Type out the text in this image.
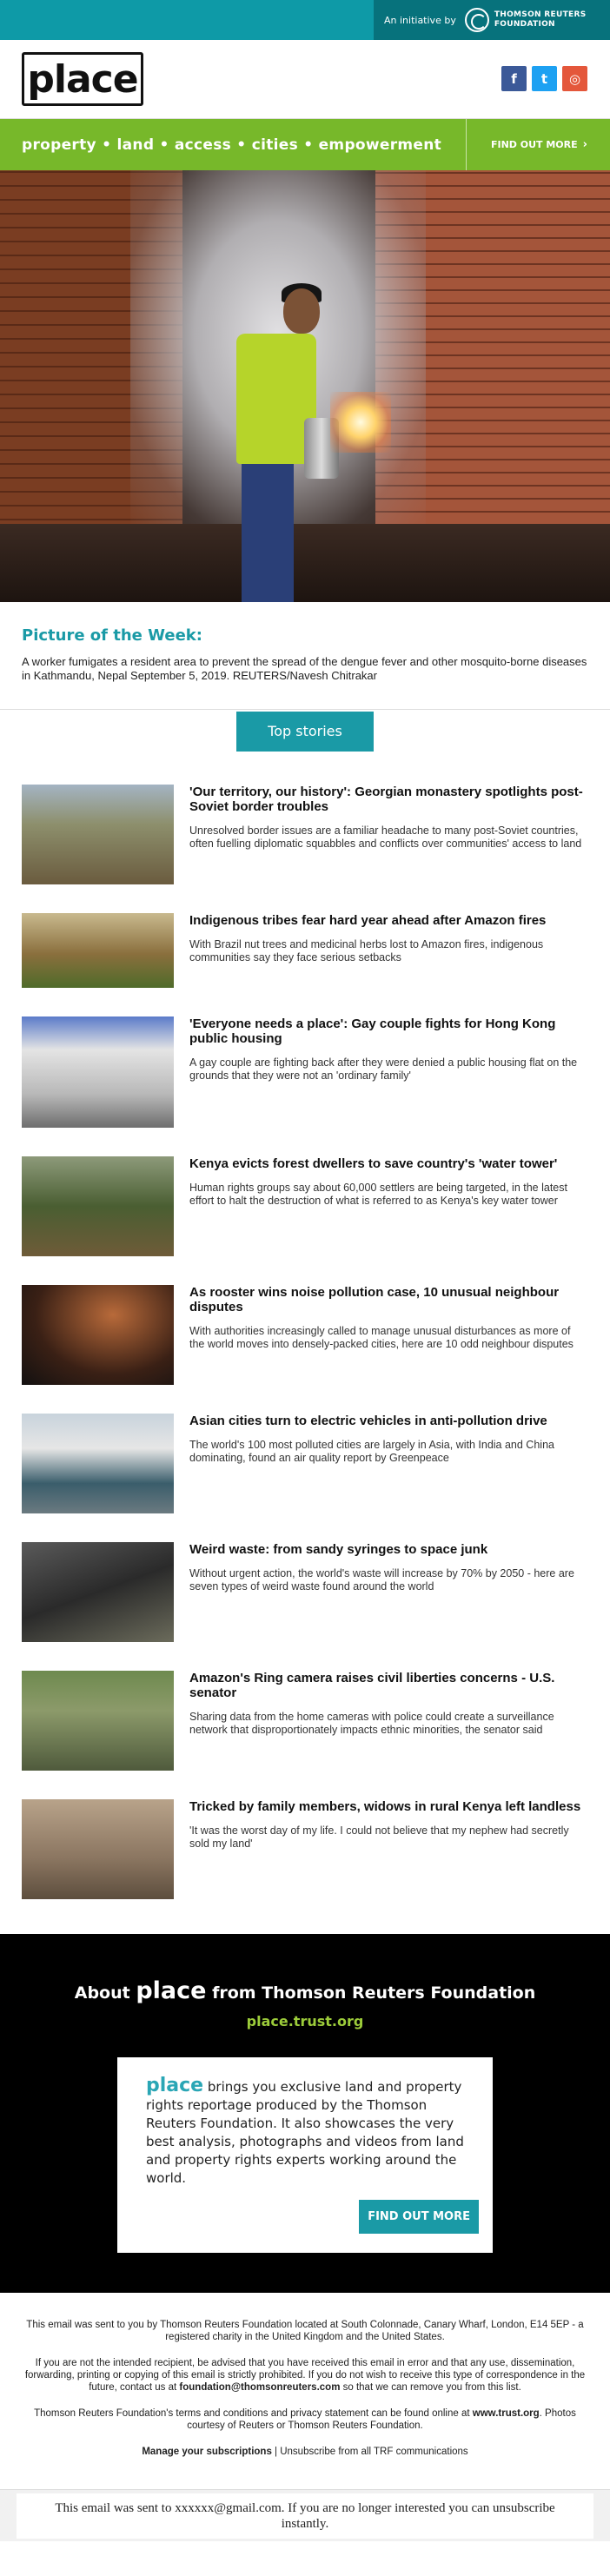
An initiative by	THOMSON REUTERS
FOUNDATION
place	f	t	◎
property • land • access • cities • empowerment	FIND OUT MORE ›
Picture of the Week:

A worker fumigates a resident area to prevent the spread of the dengue fever and other mosquito-borne diseases in Kathmandu, Nepal September 5, 2019. REUTERS/Navesh Chitrakar

Top stories
'Our territory, our history': Georgian monastery spotlights post-Soviet border troubles

Unresolved border issues are a familiar headache to many post-Soviet countries, often fuelling diplomatic squabbles and conflicts over communities' access to land

Indigenous tribes fear hard year ahead after Amazon fires

With Brazil nut trees and medicinal herbs lost to Amazon fires, indigenous communities say they face serious setbacks

'Everyone needs a place': Gay couple fights for Hong Kong public housing

A gay couple are fighting back after they were denied a public housing flat on the grounds that they were not an 'ordinary family'

Kenya evicts forest dwellers to save country's 'water tower'

Human rights groups say about 60,000 settlers are being targeted, in the latest effort to halt the destruction of what is referred to as Kenya's key water tower

As rooster wins noise pollution case, 10 unusual neighbour disputes

With authorities increasingly called to manage unusual disturbances as more of the world moves into densely-packed cities, here are 10 odd neighbour disputes

Asian cities turn to electric vehicles in anti-pollution drive

The world's 100 most polluted cities are largely in Asia, with India and China dominating, found an air quality report by Greenpeace

Weird waste: from sandy syringes to space junk

Without urgent action, the world's waste will increase by 70% by 2050 - here are seven types of weird waste found around the world

Amazon's Ring camera raises civil liberties concerns - U.S. senator

Sharing data from the home cameras with police could create a surveillance network that disproportionately impacts ethnic minorities, the senator said

Tricked by family members, widows in rural Kenya left landless

'It was the worst day of my life. I could not believe that my nephew had secretly sold my land'

About place from Thomson Reuters Foundation
place.trust.org

place brings you exclusive land and property rights reportage produced by the Thomson Reuters Foundation. It also showcases the very best analysis, photographs and videos from land and property rights experts working around the world.

FIND OUT MORE

This email was sent to you by Thomson Reuters Foundation located at South Colonnade, Canary Wharf, London, E14 5EP - a registered charity in the United Kingdom and the United States.

If you are not the intended recipient, be advised that you have received this email in error and that any use, dissemination, forwarding, printing or copying of this email is strictly prohibited. If you do not wish to receive this type of correspondence in the future, contact us at foundation@thomsonreuters.com so that we can remove you from this list.

Thomson Reuters Foundation's terms and conditions and privacy statement can be found online at www.trust.org. Photos courtesy of Reuters or Thomson Reuters Foundation.

Manage your subscriptions | Unsubscribe from all TRF communications

This email was sent to xxxxxx@gmail.com. If you are no longer interested you can unsubscribe instantly.
